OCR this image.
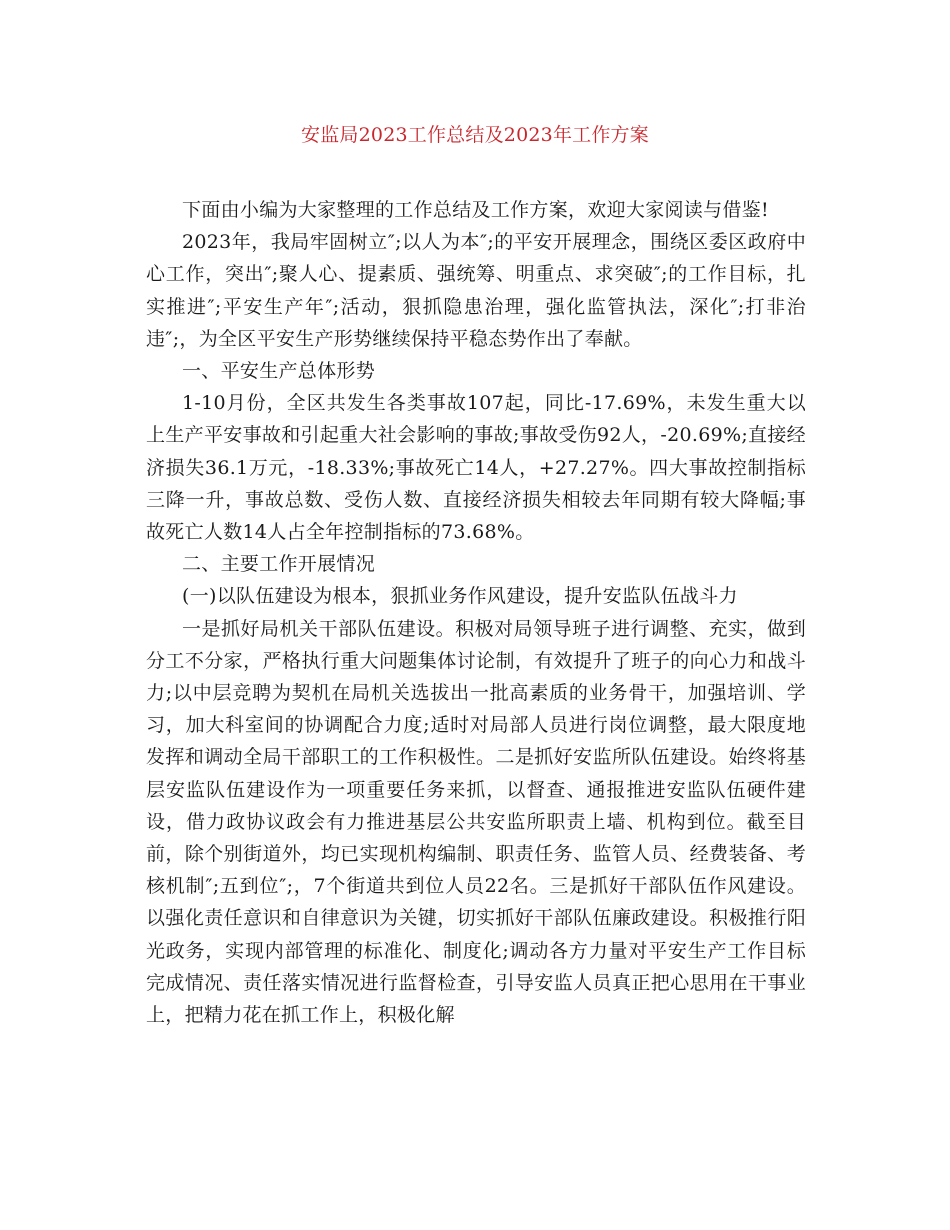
安监局2023工作总结及2023年工作方案

下面由小编为大家整理的工作总结及工作方案，欢迎大家阅读与借鉴!

2023年，我局牢固树立″;以人为本″;的平安开展理念，围绕区委区政府中心工作，突出″;聚人心、提素质、强统筹、明重点、求突破″;的工作目标，扎实推进″;平安生产年″;活动，狠抓隐患治理，强化监管执法，深化″;打非治违″;，为全区平安生产形势继续保持平稳态势作出了奉献。

一、平安生产总体形势

1-10月份，全区共发生各类事故107起，同比-17.69%，未发生重大以上生产平安事故和引起重大社会影响的事故;事故受伤92人，-20.69%;直接经济损失36.1万元，-18.33%;事故死亡14人，+27.27%。四大事故控制指标三降一升，事故总数、受伤人数、直接经济损失相较去年同期有较大降幅;事故死亡人数14人占全年控制指标的73.68%。

二、主要工作开展情况

(一)以队伍建设为根本，狠抓业务作风建设，提升安监队伍战斗力

一是抓好局机关干部队伍建设。积极对局领导班子进行调整、充实，做到分工不分家，严格执行重大问题集体讨论制，有效提升了班子的向心力和战斗力;以中层竞聘为契机在局机关选拔出一批高素质的业务骨干，加强培训、学习，加大科室间的协调配合力度;适时对局部人员进行岗位调整，最大限度地发挥和调动全局干部职工的工作积极性。二是抓好安监所队伍建设。始终将基层安监队伍建设作为一项重要任务来抓，以督查、通报推进安监队伍硬件建设，借力政协议政会有力推进基层公共安监所职责上墙、机构到位。截至目前，除个别街道外，均已实现机构编制、职责任务、监管人员、经费装备、考核机制″;五到位″;，7个街道共到位人员22名。三是抓好干部队伍作风建设。以强化责任意识和自律意识为关键，切实抓好干部队伍廉政建设。积极推行阳光政务，实现内部管理的标准化、制度化;调动各方力量对平安生产工作目标完成情况、责任落实情况进行监督检查，引导安监人员真正把心思用在干事业上，把精力花在抓工作上，积极化解
